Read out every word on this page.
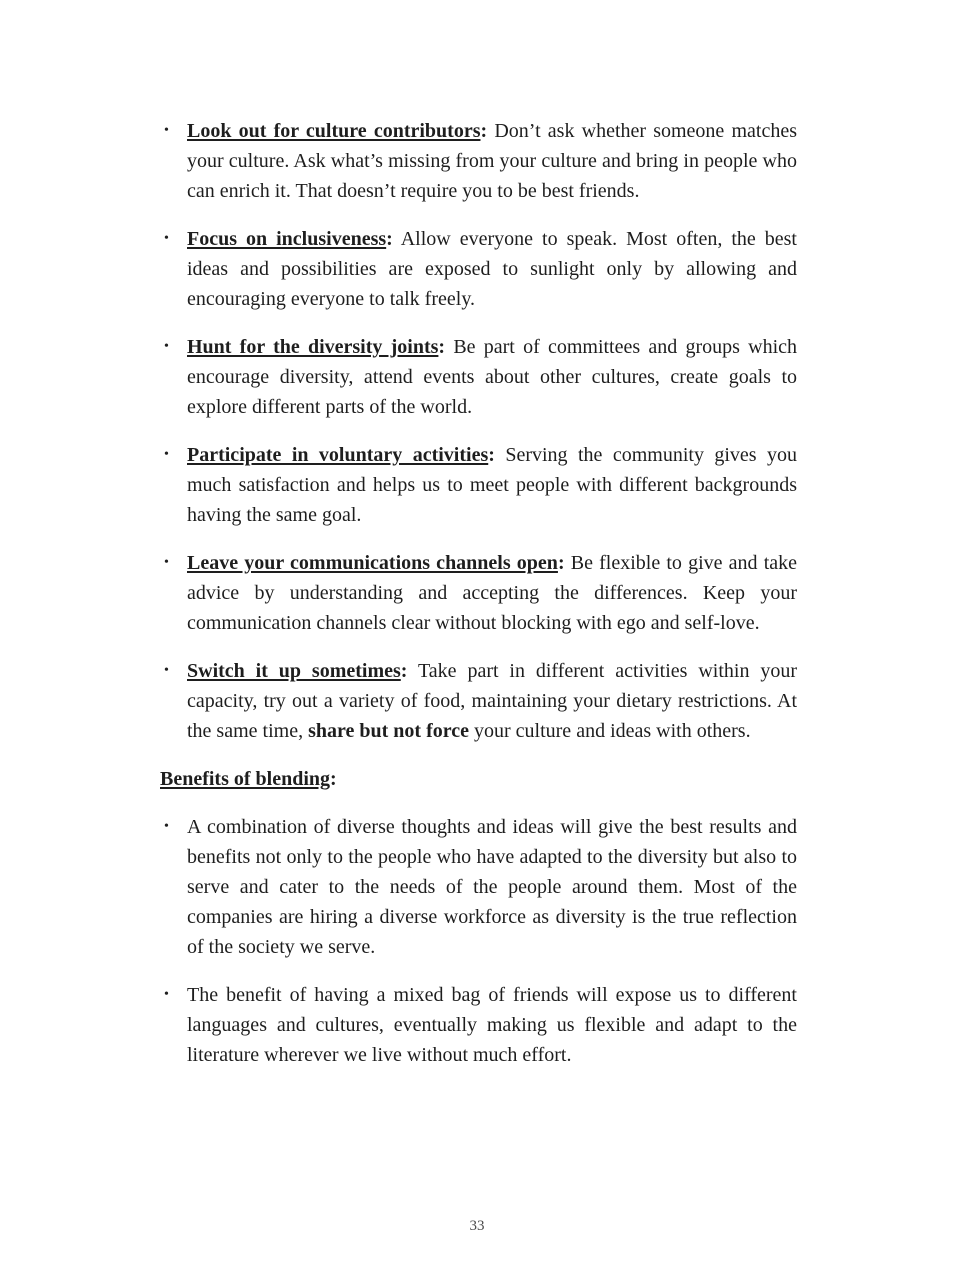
• Look out for culture contributors: Don’t ask whether someone matches your culture. Ask what’s missing from your culture and bring in people who can enrich it. That doesn’t require you to be best friends.
• Focus on inclusiveness: Allow everyone to speak. Most often, the best ideas and possibilities are exposed to sunlight only by allowing and encouraging everyone to talk freely.
• Hunt for the diversity joints: Be part of committees and groups which encourage diversity, attend events about other cultures, create goals to explore different parts of the world.
• Participate in voluntary activities: Serving the community gives you much satisfaction and helps us to meet people with different backgrounds having the same goal.
• Leave your communications channels open: Be flexible to give and take advice by understanding and accepting the differences. Keep your communication channels clear without blocking with ego and self-love.
• Switch it up sometimes: Take part in different activities within your capacity, try out a variety of food, maintaining your dietary restrictions. At the same time, share but not force your culture and ideas with others.

Benefits of blending:

• A combination of diverse thoughts and ideas will give the best results and benefits not only to the people who have adapted to the diversity but also to serve and cater to the needs of the people around them. Most of the companies are hiring a diverse workforce as diversity is the true reflection of the society we serve.
• The benefit of having a mixed bag of friends will expose us to different languages and cultures, eventually making us flexible and adapt to the literature wherever we live without much effort.
33
